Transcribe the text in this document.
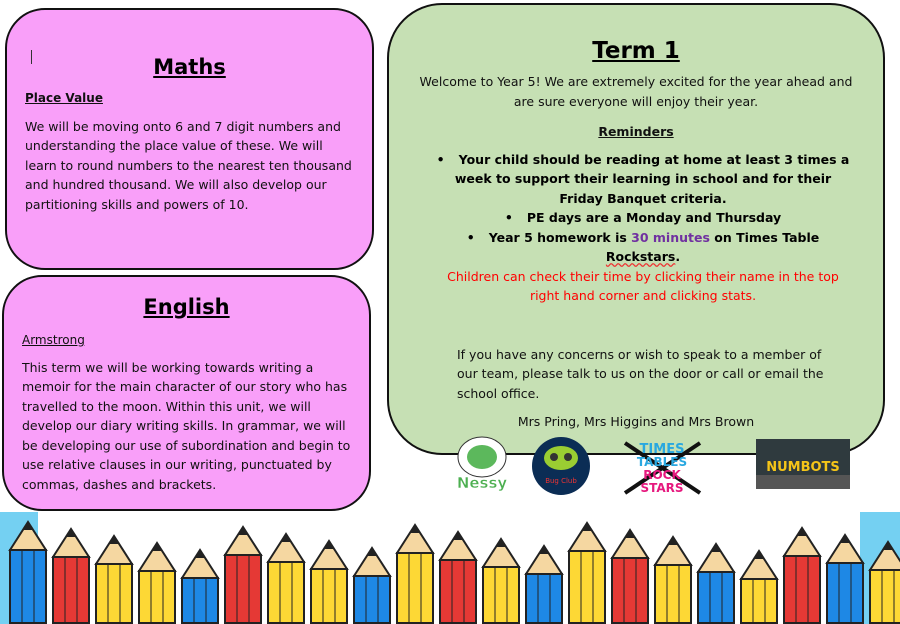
Maths

Place Value

We will be moving onto 6 and 7 digit numbers and understanding the place value of these. We will learn to round numbers to the nearest ten thousand and hundred thousand. We will also develop our partitioning skills and powers of 10.

English

Armstrong

This term we will be working towards writing a memoir for the main character of our story who has travelled to the moon. Within this unit, we will develop our diary writing skills. In grammar, we will be developing our use of subordination and begin to use relative clauses in our writing, punctuated by commas, dashes and brackets.

Term 1

Welcome to Year 5! We are extremely excited for the year ahead and are sure everyone will enjoy their year.

Reminders

• Your child should be reading at home at least 3 times a week to support their learning in school and for their Friday Banquet criteria.
• PE days are a Monday and Thursday
• Year 5 homework is 30 minutes on Times Table Rockstars.
Children can check their time by clicking their name in the top right hand corner and clicking stats.

If you have any concerns or wish to speak to a member of our team, please talk to us on the door or call or email the school office.

Mrs Pring, Mrs Higgins and Mrs Brown

Nessy	Bug Club
TIMES
TABLES
ROCK
STARS
NUMBOTS
